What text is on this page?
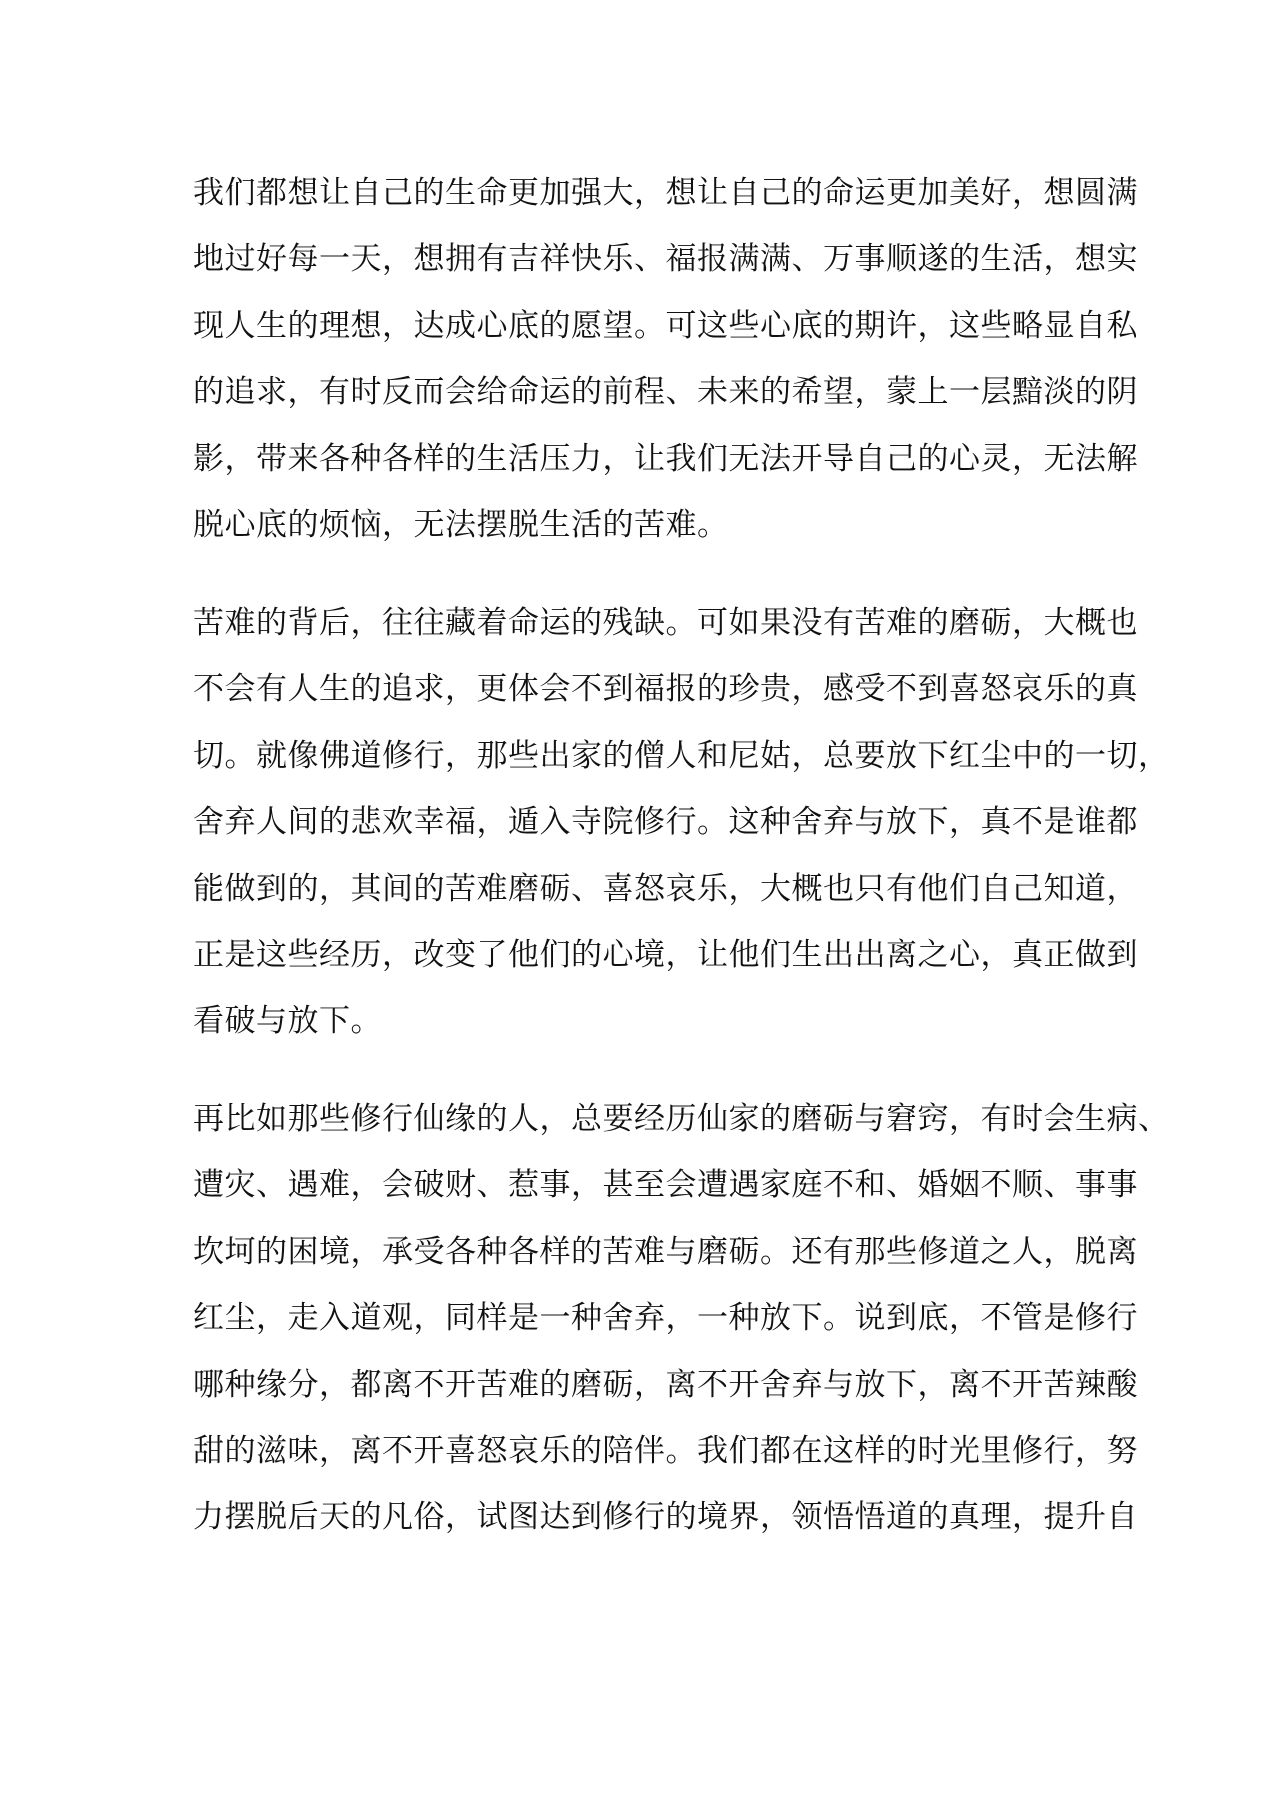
我们都想让自己的生命更加强大，想让自己的命运更加美好，想圆满
地过好每一天，想拥有吉祥快乐、福报满满、万事顺遂的生活，想实
现人生的理想，达成心底的愿望。可这些心底的期许，这些略显自私
的追求，有时反而会给命运的前程、未来的希望，蒙上一层黯淡的阴
影，带来各种各样的生活压力，让我们无法开导自己的心灵，无法解
脱心底的烦恼，无法摆脱生活的苦难。
苦难的背后，往往藏着命运的残缺。可如果没有苦难的磨砺，大概也
不会有人生的追求，更体会不到福报的珍贵，感受不到喜怒哀乐的真
切。就像佛道修行，那些出家的僧人和尼姑，总要放下红尘中的一切，
舍弃人间的悲欢幸福，遁入寺院修行。这种舍弃与放下，真不是谁都
能做到的，其间的苦难磨砺、喜怒哀乐，大概也只有他们自己知道，
正是这些经历，改变了他们的心境，让他们生出出离之心，真正做到
看破与放下。
再比如那些修行仙缘的人，总要经历仙家的磨砺与窘窍，有时会生病、
遭灾、遇难，会破财、惹事，甚至会遭遇家庭不和、婚姻不顺、事事
坎坷的困境，承受各种各样的苦难与磨砺。还有那些修道之人，脱离
红尘，走入道观，同样是一种舍弃，一种放下。说到底，不管是修行
哪种缘分，都离不开苦难的磨砺，离不开舍弃与放下，离不开苦辣酸
甜的滋味，离不开喜怒哀乐的陪伴。我们都在这样的时光里修行，努
力摆脱后天的凡俗，试图达到修行的境界，领悟悟道的真理，提升自
